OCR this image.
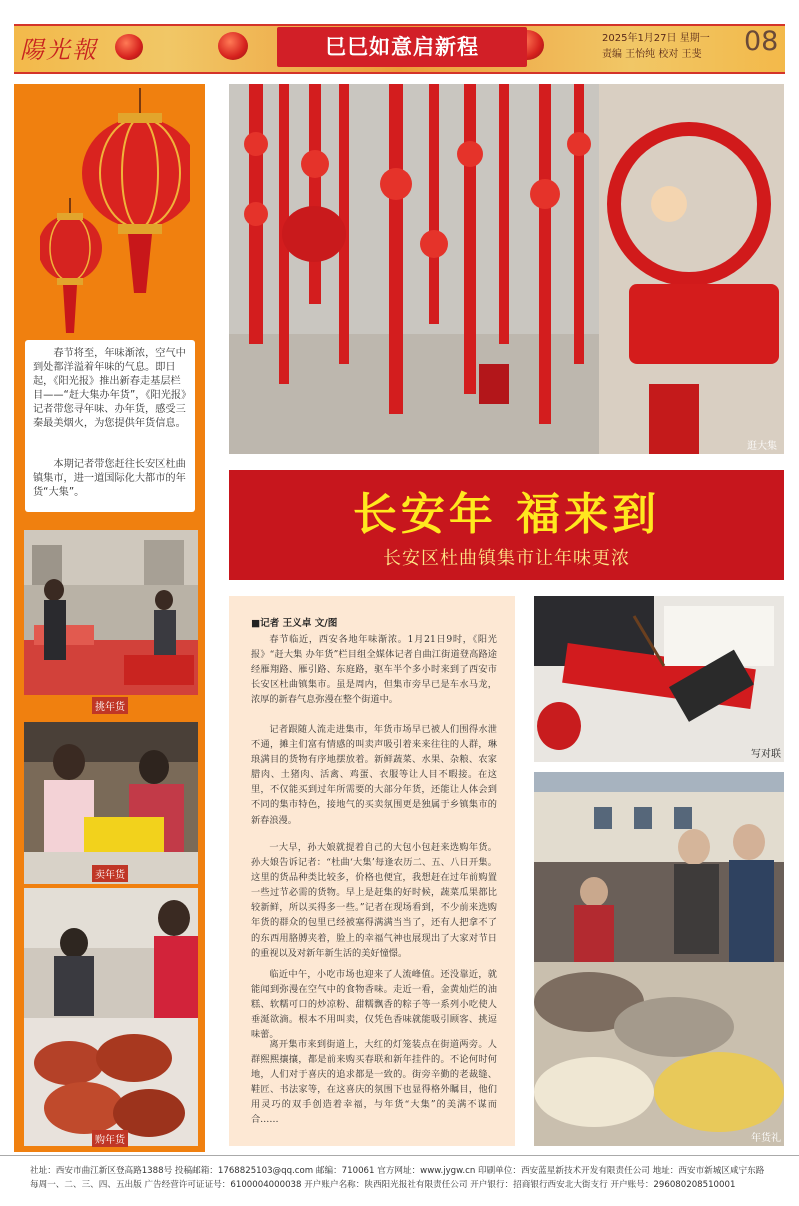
陽光報	巳巳如意启新程	2025年1月27日 星期一
责编 王怡纯 校对 王斐 08

春节将至，年味渐浓，空气中到处都洋溢着年味的气息。即日起，《阳光报》推出新春走基层栏目——“赶大集办年货”，《阳光报》记者带您寻年味、办年货，感受三秦最美烟火，为您提供年货信息。

本期记者带您赶往长安区杜曲镇集市，进一道国际化大都市的年货“大集”。

挑年货
卖年货
购年货
逛大集
长安年 福来到
长安区杜曲镇集市让年味更浓
■记者 王义卓 文/图

春节临近，西安各地年味渐浓。1月21日9时，《阳光报》“赶大集 办年货”栏目组全媒体记者自曲江街道登高路途经雁翔路、雁引路、东庭路，驱车半个多小时来到了西安市长安区杜曲镇集市。虽是周内，但集市旁早已是车水马龙，浓厚的新春气息弥漫在整个街道中。

记者跟随人流走进集市，年货市场早已被人们围得水泄不通，摊主们富有情感的叫卖声吸引着来来往往的人群，琳琅满目的货物有序地摆放着。新鲜蔬菜、水果、杂粮、农家腊肉、土猪肉、活禽、鸡蛋、衣服等让人目不暇接。在这里，不仅能买到过年所需要的大部分年货，还能让人体会到不同的集市特色，接地气的买卖氛围更是独属于乡镇集市的新春浪漫。

一大早，孙大娘就提着自己的大包小包赶来选购年货。孙大娘告诉记者：“杜曲‘大集’每逢农历二、五、八日开集。这里的货品种类比较多，价格也便宜，我想赶在过年前购置一些过节必需的货物。早上是赶集的好时候，蔬菜瓜果都比较新鲜，所以买得多一些。”记者在现场看到，不少前来选购年货的群众的包里已经被塞得满满当当了，还有人把拿不了的东西用胳膊夹着，脸上的幸福气神也展现出了大家对节日的重视以及对新年新生活的美好憧憬。

临近中午，小吃市场也迎来了人流峰值。还没靠近，就能闻到弥漫在空气中的食物香味。走近一看，金黄灿烂的油糕、软糯可口的炒凉粉、甜糯飘香的粽子等一系列小吃使人垂涎欲滴。根本不用叫卖，仅凭色香味就能吸引顾客、挑逗味蕾。

离开集市来到街道上，大红的灯笼装点在街道两旁。人群熙熙攘攘，都是前来购买春联和新年挂件的。不论何时何地，人们对于喜庆的追求都是一致的。街旁辛勤的老裁缝、鞋匠、书法家等，在这喜庆的氛围下也显得格外瞩目，他们用灵巧的双手创造着幸福，与年货“大集”的美满不谋而合……

写对联
年货礼
社址：西安市曲江新区登高路1388号 投稿邮箱：1768825103@qq.com 邮编：710061 官方网址：www.jygw.cn 印刷单位：西安蓝星新技术开发有限责任公司 地址：西安市新城区咸宁东路
每周一、二、三、四、五出版 广告经营许可证证号：6100004000038 开户账户名称：陕西阳光报社有限责任公司 开户银行：招商银行西安北大街支行 开户账号：296080208510001
